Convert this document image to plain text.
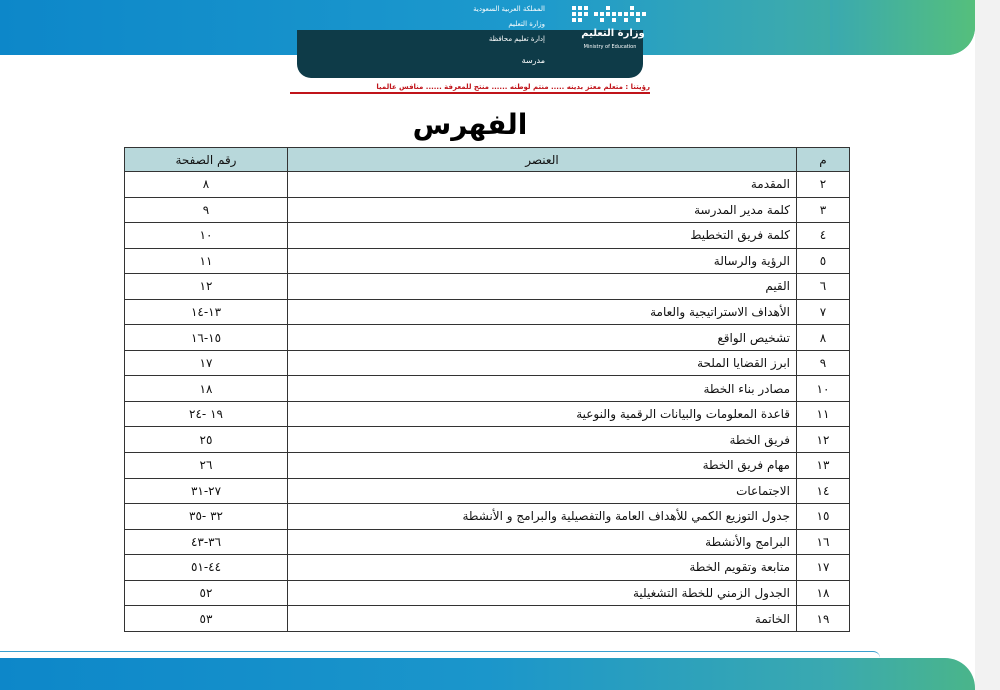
المملكة العربية السعودية
وزارة التعليم
إدارة تعليم محافظة
مدرسة
وزارة التعليم
Ministry of Education
رؤيتنا : متعلم معتز بدينه ..... منتم لوطنه ...... منتج للمعرفة ...... منافس عالميا
الفهرس
م	العنصر	رقم الصفحة
٢	المقدمة	٨
٣	كلمة مدير المدرسة	٩
٤	كلمة فريق التخطيط	١٠
٥	الرؤية والرسالة	١١
٦	القيم	١٢
٧	الأهداف الاستراتيجية والعامة	١٣-١٤
٨	تشخيص الواقع	١٥-١٦
٩	ابرز القضايا الملحة	١٧
١٠	مصادر بناء الخطة	١٨
١١	قاعدة المعلومات والبيانات الرقمية والنوعية	١٩ -٢٤
١٢	فريق الخطة	٢٥
١٣	مهام فريق الخطة	٢٦
١٤	الاجتماعات	٢٧-٣١
١٥	جدول التوزيع الكمي للأهداف العامة والتفصيلية والبرامج و الأنشطة	٣٢ -٣٥
١٦	البرامج والأنشطة	٣٦-٤٣
١٧	متابعة وتقويم الخطة	٤٤-٥١
١٨	الجدول الزمني للخطة التشغيلية	٥٢
١٩	الخاتمة	٥٣
